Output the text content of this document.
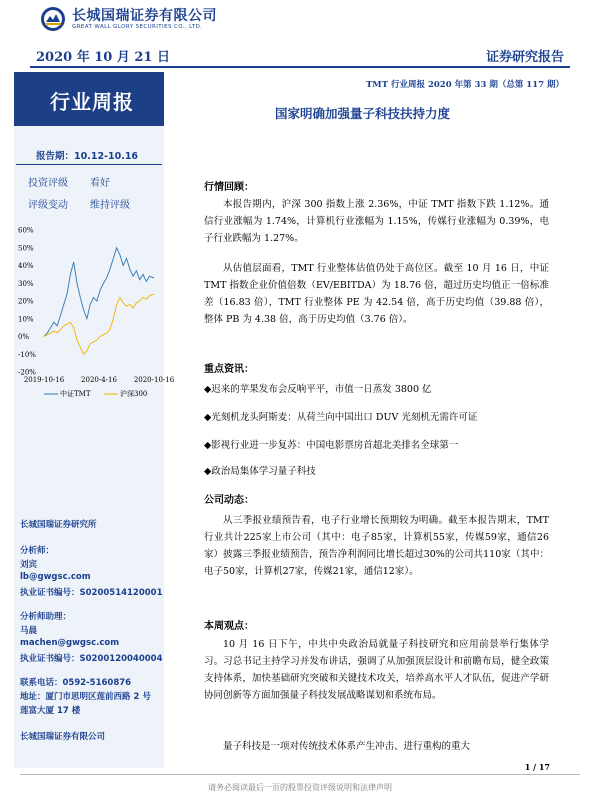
长城国瑞证券有限公司
GREAT WALL GLORY SECURITIES CO., LTD.
2020 年 10 月 21 日	证券研究报告
行业周报
TMT 行业周报 2020 年第 33 期（总第 117 期）
国家明确加强量子科技扶持力度
报告期：10.12-10.16
投资评级 看好
评级变动 维持评级
60%
50%
40%
30%
20%
10%
0%
-10%
-20%
2019-10-16 2020-4-16 2020-10-16
中证TMT	沪深300
长城国瑞证券研究所
分析师：
刘宾
lb@gwgsc.com
执业证书编号：S0200514120001
分析师助理：
马晨
machen@gwgsc.com
执业证书编号：S0200120040004
联系电话：0592-5160876
地址：厦门市思明区莲前西路 2 号
莲富大厦 17 楼
长城国瑞证券有限公司
行情回顾：
本报告期内，沪深 300 指数上涨 2.36%，中证 TMT 指数下跌 1.12%。通信行业涨幅为 1.74%，计算机行业涨幅为 1.15%，传媒行业涨幅为 0.39%，电子行业跌幅为 1.27%。
从估值层面看，TMT 行业整体估值仍处于高位区。截至 10 月 16 日，中证 TMT 指数企业价值倍数（EV/EBITDA）为 18.76 倍，超过历史均值正一倍标准差（16.83 倍），TMT 行业整体 PE 为 42.54 倍，高于历史均值（39.88 倍），整体 PB 为 4.38 倍，高于历史均值（3.76 倍）。
重点资讯：
◆迟来的苹果发布会反响平平，市值一日蒸发 3800 亿
◆光刻机龙头阿斯麦：从荷兰向中国出口 DUV 光刻机无需许可证
◆影视行业进一步复苏：中国电影票房首超北美排名全球第一
◆政治局集体学习量子科技
公司动态：
从三季报业绩预告看，电子行业增长预期较为明确。截至本报告期末，TMT行业共计225家上市公司（其中：电子85家，计算机55家，传媒59家，通信26家）披露三季报业绩预告，预告净利润同比增长超过30%的公司共110家（其中：电子50家，计算机27家，传媒21家，通信12家）。
本周观点：
10 月 16 日下午，中共中央政治局就量子科技研究和应用前景举行集体学习。习总书记主持学习并发布讲话，强调了从加强顶层设计和前瞻布局，健全政策支持体系，加快基础研究突破和关键技术攻关，培养高水平人才队伍，促进产学研协同创新等方面加强量子科技发展战略谋划和系统布局。
量子科技是一项对传统技术体系产生冲击、进行重构的重大
1 / 17
请务必阅读最后一页的股票投资评级说明和法律声明
